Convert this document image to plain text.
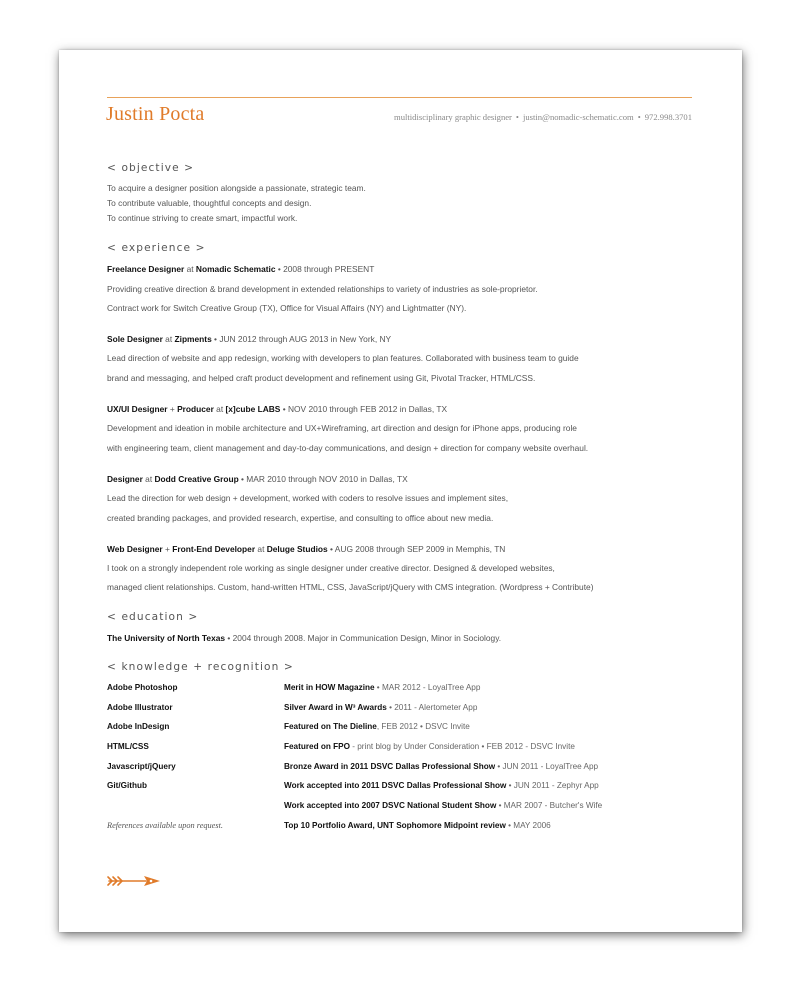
Justin Pocta	multidisciplinary graphic designer • justin@nomadic-schematic.com • 972.998.3701
< objective >
To acquire a designer position alongside a passionate, strategic team.
To contribute valuable, thoughtful concepts and design.
To continue striving to create smart, impactful work.
< experience >
Freelance Designer at Nomadic Schematic • 2008 through PRESENT
Providing creative direction & brand development in extended relationships to variety of industries as sole-proprietor.
Contract work for Switch Creative Group (TX), Office for Visual Affairs (NY) and Lightmatter (NY).
Sole Designer at Zipments • JUN 2012 through AUG 2013 in New York, NY
Lead direction of website and app redesign, working with developers to plan features. Collaborated with business team to guide
brand and messaging, and helped craft product development and refinement using Git, Pivotal Tracker, HTML/CSS.
UX/UI Designer + Producer at [x]cube LABS • NOV 2010 through FEB 2012 in Dallas, TX
Development and ideation in mobile architecture and UX+Wireframing, art direction and design for iPhone apps, producing role
with engineering team, client management and day-to-day communications, and design + direction for company website overhaul.
Designer at Dodd Creative Group • MAR 2010 through NOV 2010 in Dallas, TX
Lead the direction for web design + development, worked with coders to resolve issues and implement sites,
created branding packages, and provided research, expertise, and consulting to office about new media.
Web Designer + Front-End Developer at Deluge Studios • AUG 2008 through SEP 2009 in Memphis, TN
I took on a strongly independent role working as single designer under creative director. Designed & developed websites,
managed client relationships. Custom, hand-written HTML, CSS, JavaScript/jQuery with CMS integration. (Wordpress + Contribute)
< education >
The University of North Texas • 2004 through 2008. Major in Communication Design, Minor in Sociology.
< knowledge + recognition >
Adobe Photoshop
Adobe Illustrator
Adobe InDesign
HTML/CSS
Javascript/jQuery
Git/Github
Merit in HOW Magazine • MAR 2012 - LoyalTree App
Silver Award in W³ Awards • 2011 - Alertometer App
Featured on The Dieline, FEB 2012 • DSVC Invite
Featured on FPO - print blog by Under Consideration • FEB 2012 - DSVC Invite
Bronze Award in 2011 DSVC Dallas Professional Show • JUN 2011 - LoyalTree App
Work accepted into 2011 DSVC Dallas Professional Show • JUN 2011 - Zephyr App
Work accepted into 2007 DSVC National Student Show • MAR 2007 - Butcher's Wife
Top 10 Portfolio Award, UNT Sophomore Midpoint review • MAY 2006
References available upon request.
